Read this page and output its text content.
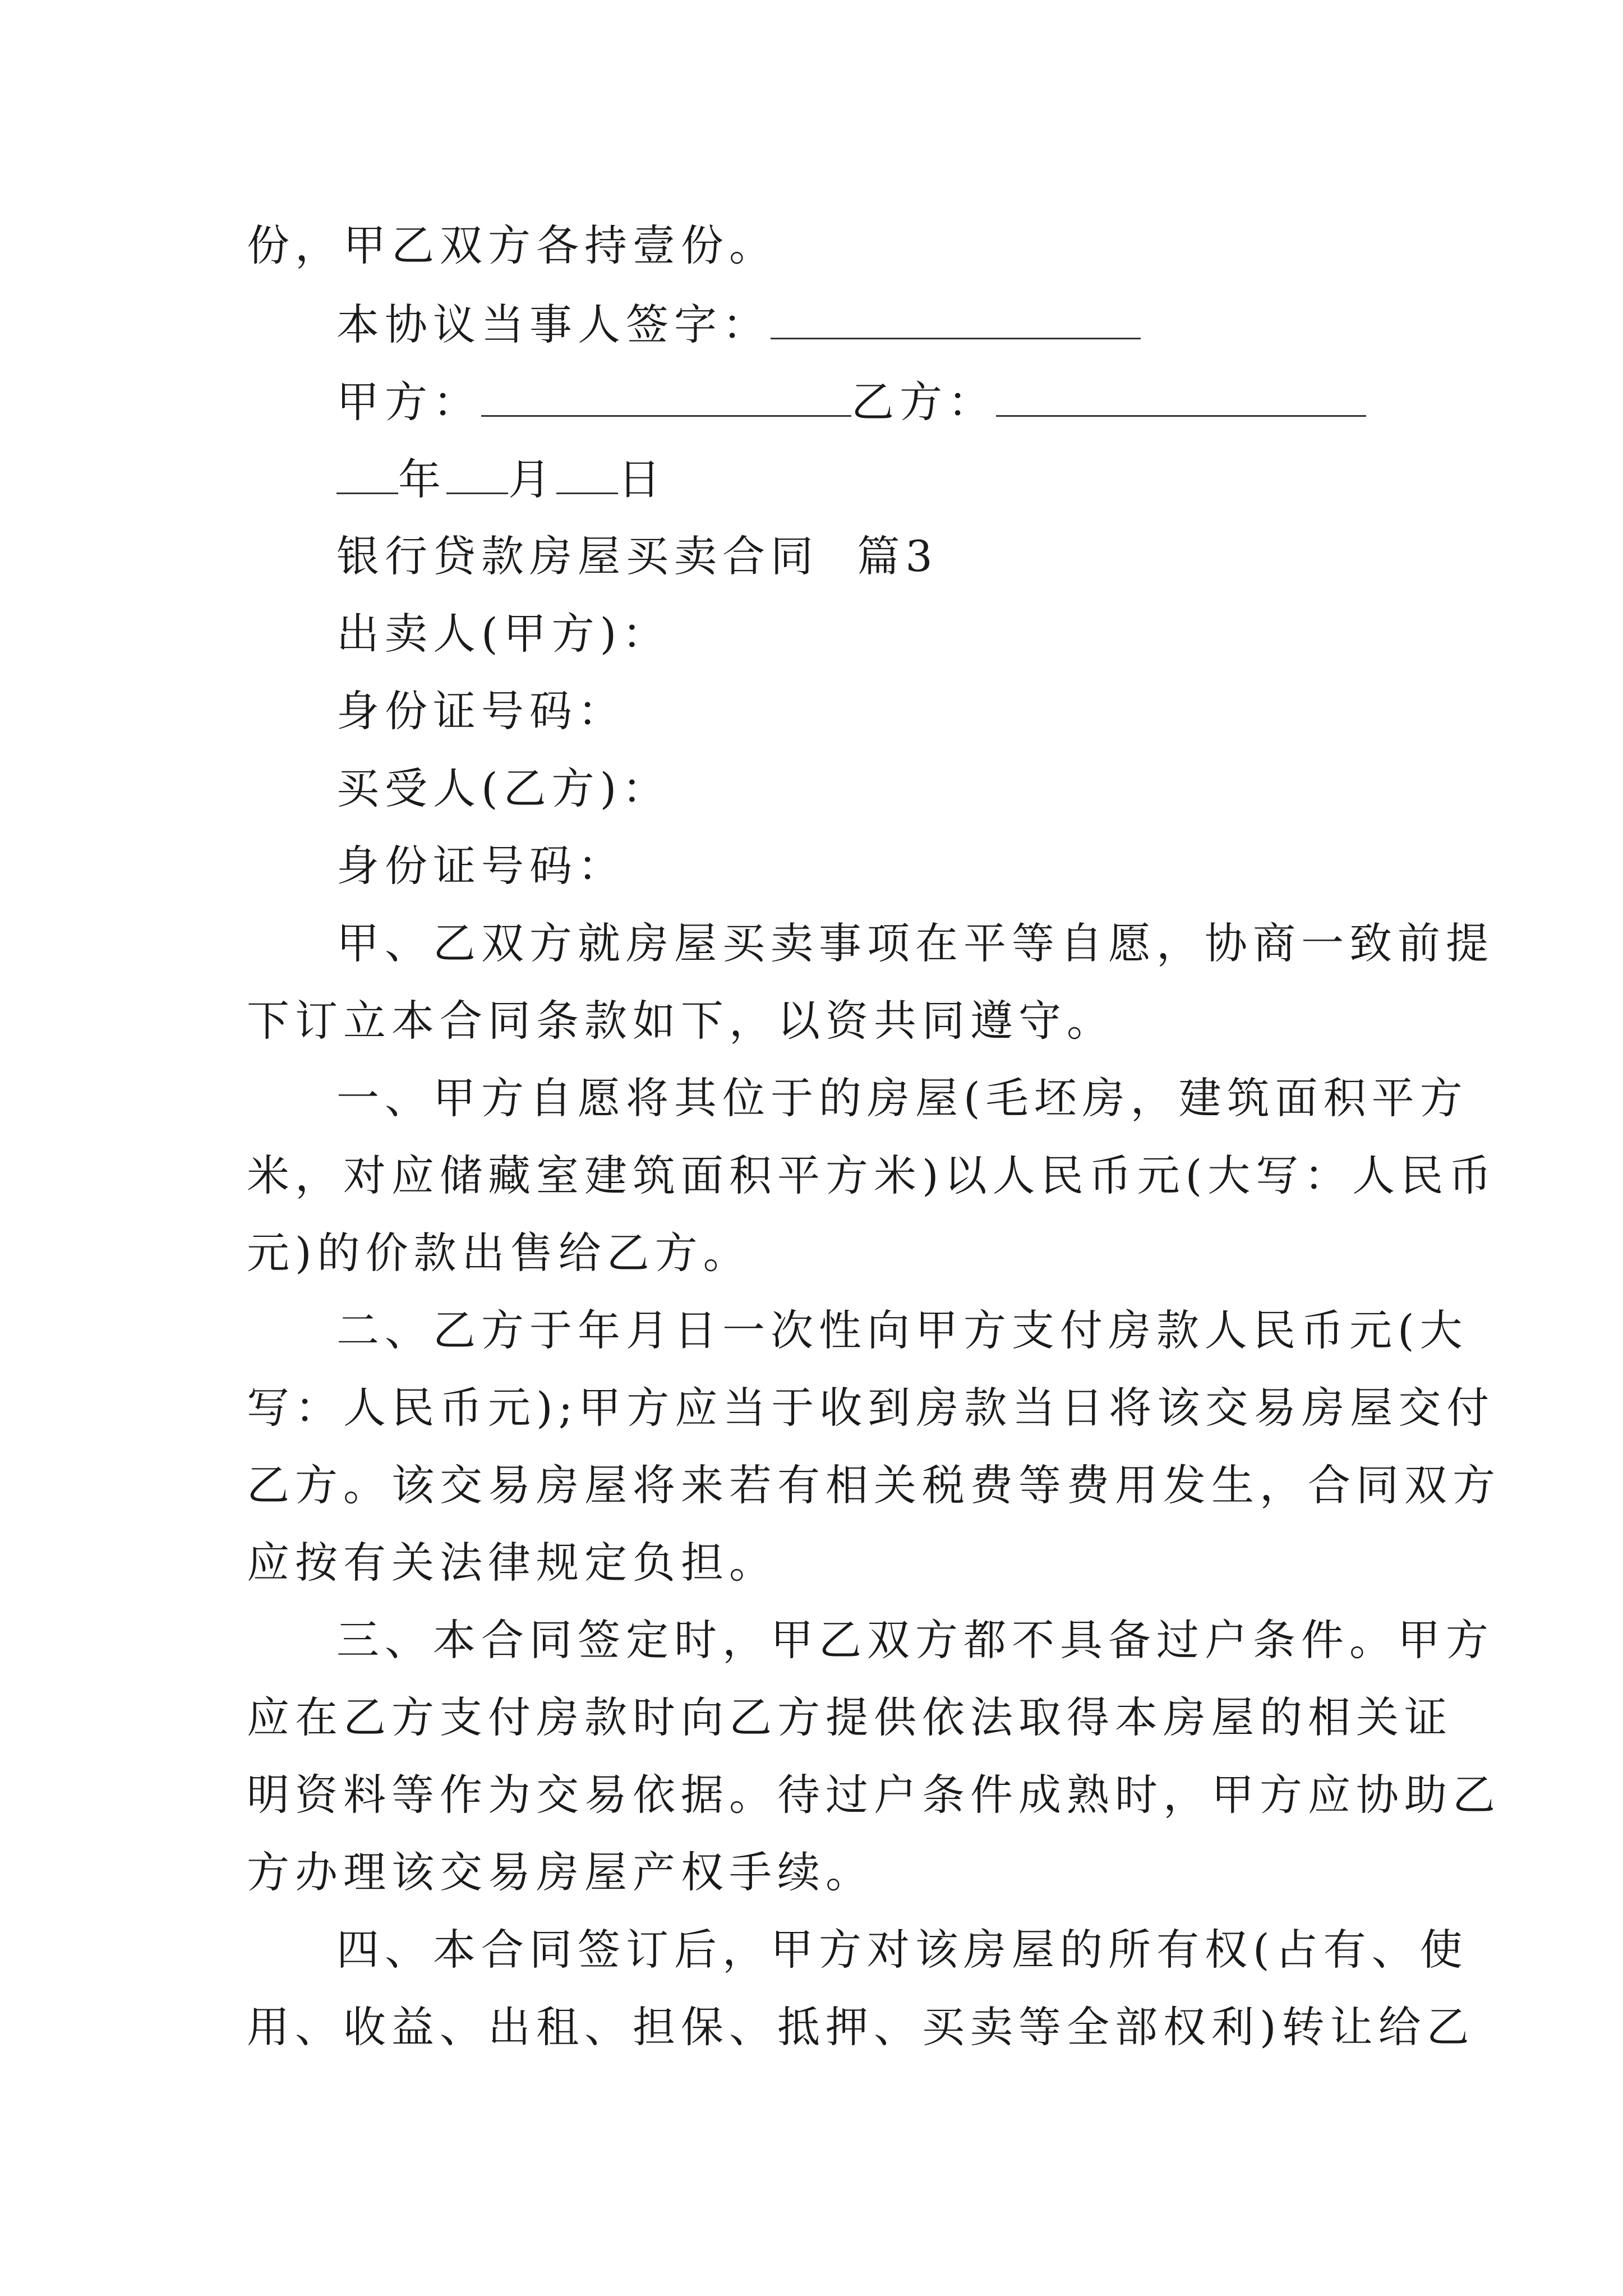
份，甲乙双方各持壹份。

本协议当事人签字：

甲方：	乙方：

年 月 日

银行贷款房屋买卖合同  篇3

出卖人(甲方)：

身份证号码：

买受人(乙方)：

身份证号码：

甲、乙双方就房屋买卖事项在平等自愿，协商一致前提

下订立本合同条款如下，以资共同遵守。

一、甲方自愿将其位于的房屋(毛坯房，建筑面积平方

米，对应储藏室建筑面积平方米)以人民币元(大写：人民币

元)的价款出售给乙方。

二、乙方于年月日一次性向甲方支付房款人民币元(大

写：人民币元);甲方应当于收到房款当日将该交易房屋交付

乙方。该交易房屋将来若有相关税费等费用发生，合同双方

应按有关法律规定负担。

三、本合同签定时，甲乙双方都不具备过户条件。甲方

应在乙方支付房款时向乙方提供依法取得本房屋的相关证

明资料等作为交易依据。待过户条件成熟时，甲方应协助乙

方办理该交易房屋产权手续。

四、本合同签订后，甲方对该房屋的所有权(占有、使

用、收益、出租、担保、抵押、买卖等全部权利)转让给乙
